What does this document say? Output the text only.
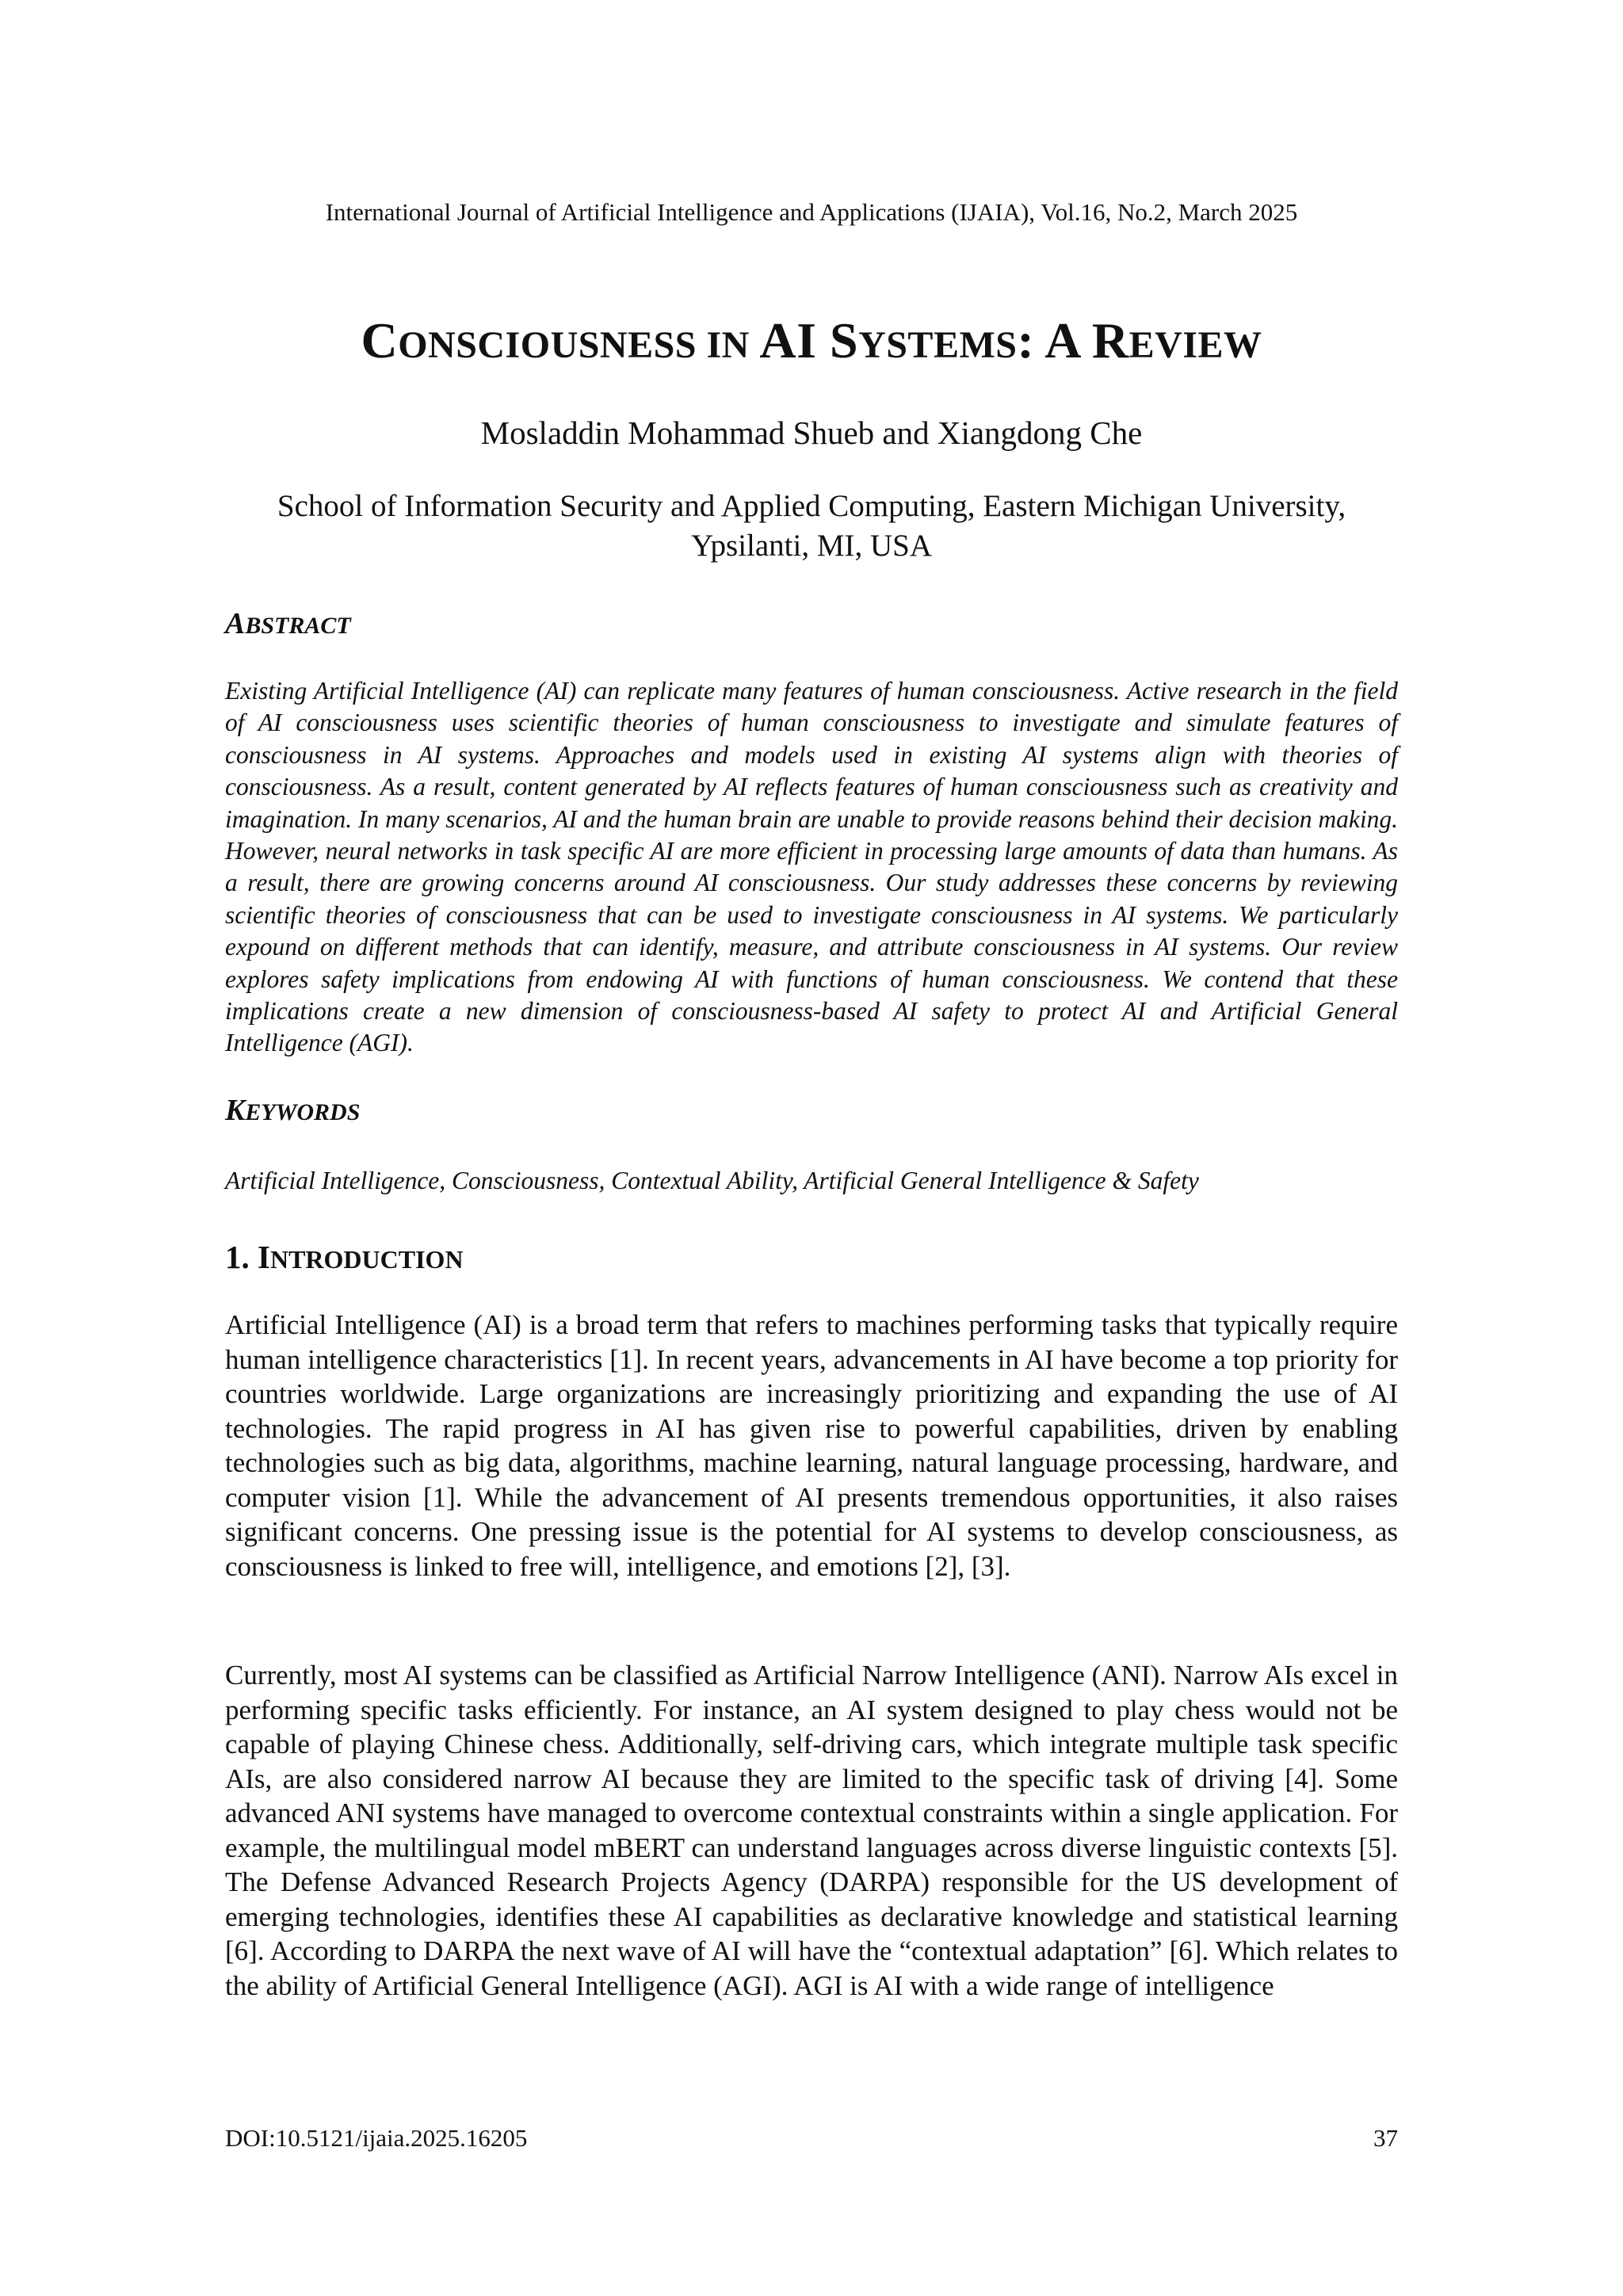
International Journal of Artificial Intelligence and Applications (IJAIA), Vol.16, No.2, March 2025
CONSCIOUSNESS IN AI SYSTEMS: A REVIEW
Mosladdin Mohammad Shueb and Xiangdong Che
School of Information Security and Applied Computing, Eastern Michigan University,
Ypsilanti, MI, USA
ABSTRACT
Existing Artificial Intelligence (AI) can replicate many features of human consciousness. Active research in the field of AI consciousness uses scientific theories of human consciousness to investigate and simulate features of consciousness in AI systems. Approaches and models used in existing AI systems align with theories of consciousness. As a result, content generated by AI reflects features of human consciousness such as creativity and imagination. In many scenarios, AI and the human brain are unable to provide reasons behind their decision making. However, neural networks in task specific AI are more efficient in processing large amounts of data than humans. As a result, there are growing concerns around AI consciousness. Our study addresses these concerns by reviewing scientific theories of consciousness that can be used to investigate consciousness in AI systems. We particularly expound on different methods that can identify, measure, and attribute consciousness in AI systems. Our review explores safety implications from endowing AI with functions of human consciousness. We contend that these implications create a new dimension of consciousness-based AI safety to protect AI and Artificial General Intelligence (AGI).
KEYWORDS
Artificial Intelligence, Consciousness, Contextual Ability, Artificial General Intelligence & Safety
1. INTRODUCTION
Artificial Intelligence (AI) is a broad term that refers to machines performing tasks that typically require human intelligence characteristics [1]. In recent years, advancements in AI have become a top priority for countries worldwide. Large organizations are increasingly prioritizing and expanding the use of AI technologies. The rapid progress in AI has given rise to powerful capabilities, driven by enabling technologies such as big data, algorithms, machine learning, natural language processing, hardware, and computer vision [1]. While the advancement of AI presents tremendous opportunities, it also raises significant concerns. One pressing issue is the potential for AI systems to develop consciousness, as consciousness is linked to free will, intelligence, and emotions [2], [3].
Currently, most AI systems can be classified as Artificial Narrow Intelligence (ANI). Narrow AIs excel in performing specific tasks efficiently. For instance, an AI system designed to play chess would not be capable of playing Chinese chess. Additionally, self-driving cars, which integrate multiple task specific AIs, are also considered narrow AI because they are limited to the specific task of driving [4]. Some advanced ANI systems have managed to overcome contextual constraints within a single application. For example, the multilingual model mBERT can understand languages across diverse linguistic contexts [5]. The Defense Advanced Research Projects Agency (DARPA) responsible for the US development of emerging technologies, identifies these AI capabilities as declarative knowledge and statistical learning [6]. According to DARPA the next wave of AI will have the “contextual adaptation” [6]. Which relates to the ability of Artificial General Intelligence (AGI). AGI is AI with a wide range of intelligence
DOI:10.5121/ijaia.2025.16205	37
